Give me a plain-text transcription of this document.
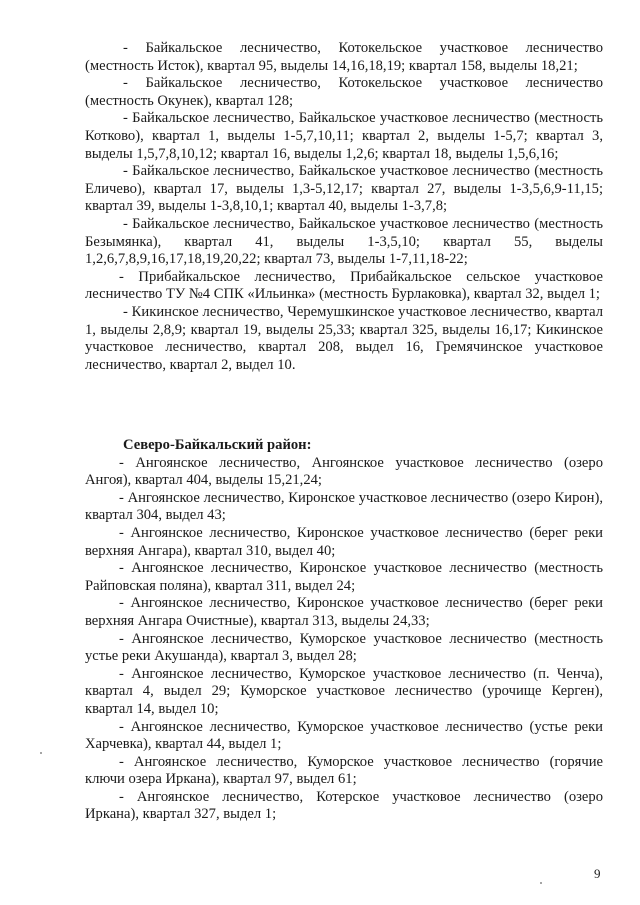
- Байкальское лесничество, Котокельское участковое лесничество (местность Исток), квартал 95, выделы 14,16,18,19; квартал 158, выделы 18,21;

- Байкальское лесничество, Котокельское участковое лесничество (местность Окунек), квартал 128;

- Байкальское лесничество, Байкальское участковое лесничество (местность Котково), квартал 1, выделы 1-5,7,10,11; квартал 2, выделы 1-5,7; квартал 3, выделы 1,5,7,8,10,12; квартал 16, выделы 1,2,6; квартал 18, выделы 1,5,6,16;

- Байкальское лесничество, Байкальское участковое лесничество (местность Еличево), квартал 17, выделы 1,3-5,12,17; квартал 27, выделы 1-3,5,6,9-11,15; квартал 39, выделы 1-3,8,10,1; квартал 40, выделы 1-3,7,8;

- Байкальское лесничество, Байкальское участковое лесничество (местность Безымянка), квартал 41, выделы 1-3,5,10; квартал 55, выделы 1,2,6,7,8,9,16,17,18,19,20,22; квартал 73, выделы 1-7,11,18-22;

- Прибайкальское лесничество, Прибайкальское сельское участковое лесничество ТУ №4 СПК «Ильинка» (местность Бурлаковка), квартал 32, выдел 1;

- Кикинское лесничество, Черемушкинское участковое лесничество, квартал 1, выделы 2,8,9; квартал 19, выделы 25,33; квартал 325, выделы 16,17; Кикинское участковое лесничество, квартал 208, выдел 16, Гремячинское участковое лесничество, квартал 2, выдел 10.

Северо-Байкальский район:

- Ангоянское лесничество, Ангоянское участковое лесничество (озеро Ангоя), квартал 404, выделы 15,21,24;

- Ангоянское лесничество, Киронское участковое лесничество (озеро Кирон), квартал 304, выдел 43;

- Ангоянское лесничество, Киронское участковое лесничество (берег реки верхняя Ангара), квартал 310, выдел 40;

- Ангоянское лесничество, Киронское участковое лесничество (местность Райповская поляна), квартал 311, выдел 24;

- Ангоянское лесничество, Киронское участковое лесничество (берег реки верхняя Ангара Очистные), квартал 313, выделы 24,33;

- Ангоянское лесничество, Куморское участковое лесничество (местность устье реки Акушанда), квартал 3, выдел 28;

- Ангоянское лесничество, Куморское участковое лесничество (п. Ченча), квартал 4, выдел 29; Куморское участковое лесничество (урочище Керген), квартал 14, выдел 10;

- Ангоянское лесничество, Куморское участковое лесничество (устье реки Харчевка), квартал 44, выдел 1;

- Ангоянское лесничество, Куморское участковое лесничество (горячие ключи озера Иркана), квартал 97, выдел 61;

- Ангоянское лесничество, Котерское участковое лесничество (озеро Иркана), квартал 327, выдел 1;

9
